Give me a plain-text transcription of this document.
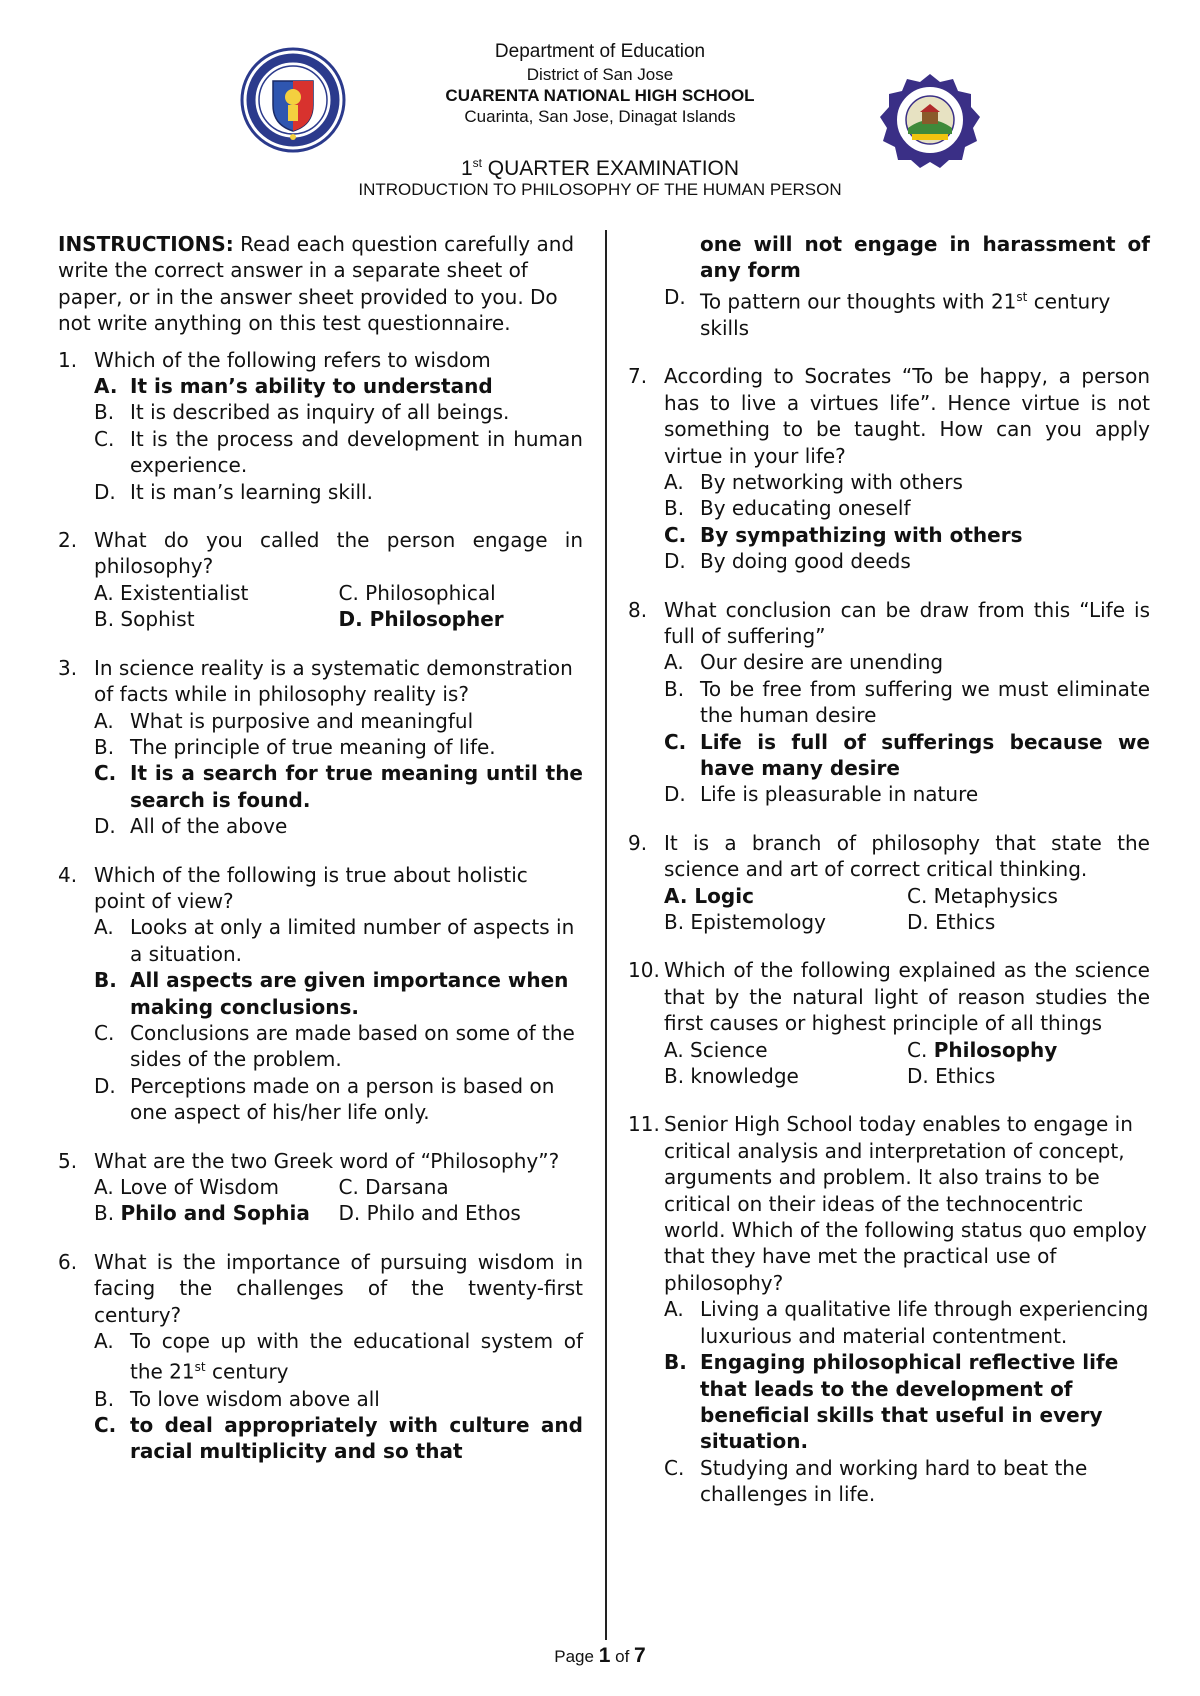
Department of Education
District of San Jose
CUARENTA NATIONAL HIGH SCHOOL
Cuarinta, San Jose, Dinagat Islands
1st QUARTER EXAMINATION
INTRODUCTION TO PHILOSOPHY OF THE HUMAN PERSON
INSTRUCTIONS: Read each question carefully and write the correct answer in a separate sheet of paper, or in the answer sheet provided to you. Do not write anything on this test questionnaire.
1. Which of the following refers to wisdom
A. It is man’s ability to understand
B. It is described as inquiry of all beings.
C. It is the process and development in human experience.
D. It is man’s learning skill.
2. What do you called the person engage in philosophy?
A. Existentialist	C. Philosophical
B. Sophist	D. Philosopher
3. In science reality is a systematic demonstration of facts while in philosophy reality is?
A. What is purposive and meaningful
B. The principle of true meaning of life.
C. It is a search for true meaning until the search is found.
D. All of the above
4. Which of the following is true about holistic point of view?
A. Looks at only a limited number of aspects in a situation.
B. All aspects are given importance when making conclusions.
C. Conclusions are made based on some of the sides of the problem.
D. Perceptions made on a person is based on one aspect of his/her life only.
5. What are the two Greek word of “Philosophy”?
A. Love of Wisdom	C. Darsana
B. Philo and Sophia	D. Philo and Ethos
6. What is the importance of pursuing wisdom in facing the challenges of the twenty-first century?
A. To cope up with the educational system of the 21st century
B. To love wisdom above all
C. to deal appropriately with culture and racial multiplicity and so that
one will not engage in harassment of any form
D. To pattern our thoughts with 21st century skills
7. According to Socrates “To be happy, a person has to live a virtues life”. Hence virtue is not something to be taught. How can you apply virtue in your life?
A. By networking with others
B. By educating oneself
C. By sympathizing with others
D. By doing good deeds
8. What conclusion can be draw from this “Life is full of suffering”
A. Our desire are unending
B. To be free from suffering we must eliminate the human desire
C. Life is full of sufferings because we have many desire
D. Life is pleasurable in nature
9. It is a branch of philosophy that state the science and art of correct critical thinking.
A. Logic	C. Metaphysics
B. Epistemology	D. Ethics
10. Which of the following explained as the science that by the natural light of reason studies the first causes or highest principle of all things
A. Science	C. Philosophy
B. knowledge	D. Ethics
11. Senior High School today enables to engage in critical analysis and interpretation of concept, arguments and problem. It also trains to be critical on their ideas of the technocentric world. Which of the following status quo employ that they have met the practical use of philosophy?
A. Living a qualitative life through experiencing luxurious and material contentment.
B. Engaging philosophical reflective life that leads to the development of beneficial skills that useful in every situation.
C. Studying and working hard to beat the challenges in life.
Page 1 of 7
